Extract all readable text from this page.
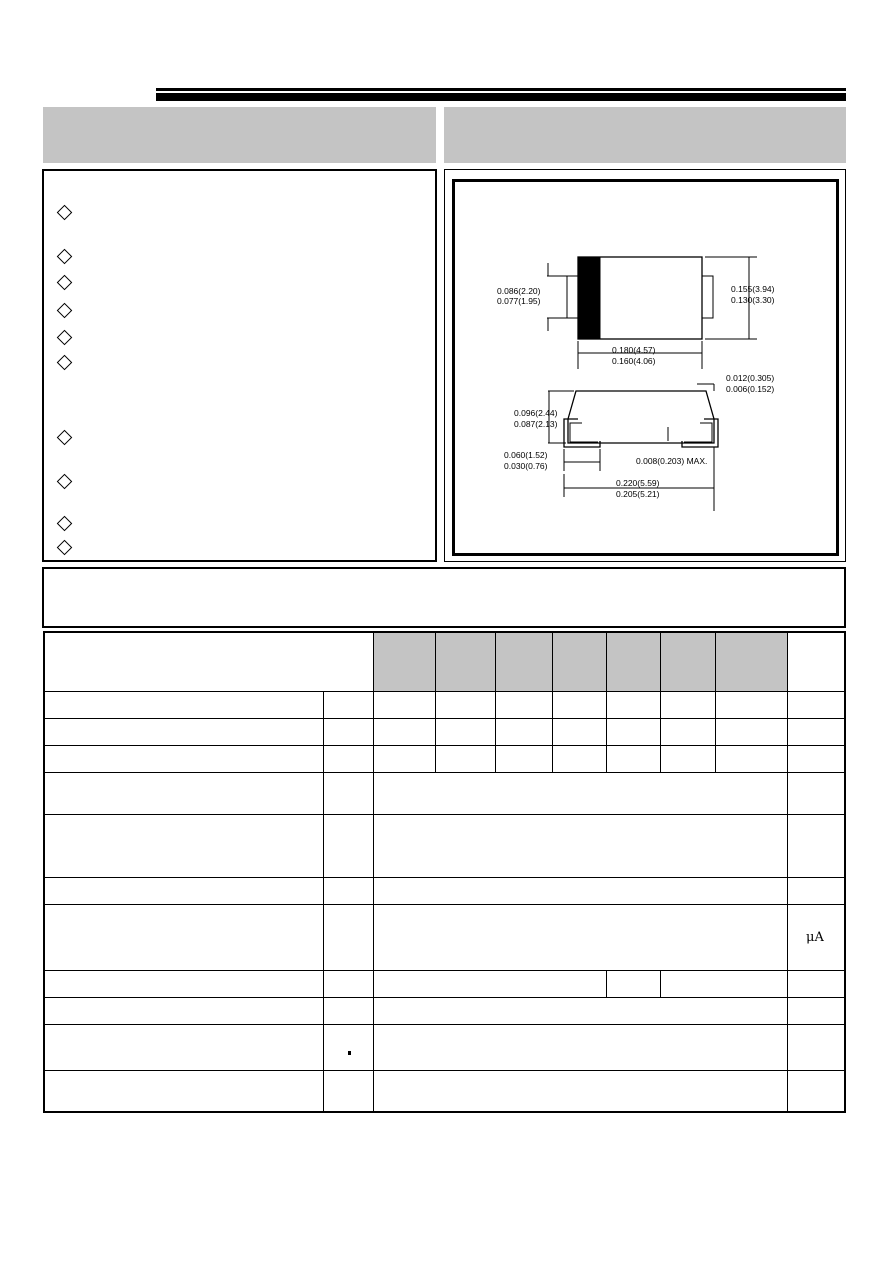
0.086(2.20)
0.077(1.95)
0.155(3.94)
0.130(3.30)
0.180(4.57)
0.160(4.06)
0.012(0.305)
0.006(0.152)
0.096(2.44)
0.087(2.13)
0.060(1.52)
0.030(0.76)	0.008(0.203) MAX.
0.220(5.59)
0.205(5.21)
μA
